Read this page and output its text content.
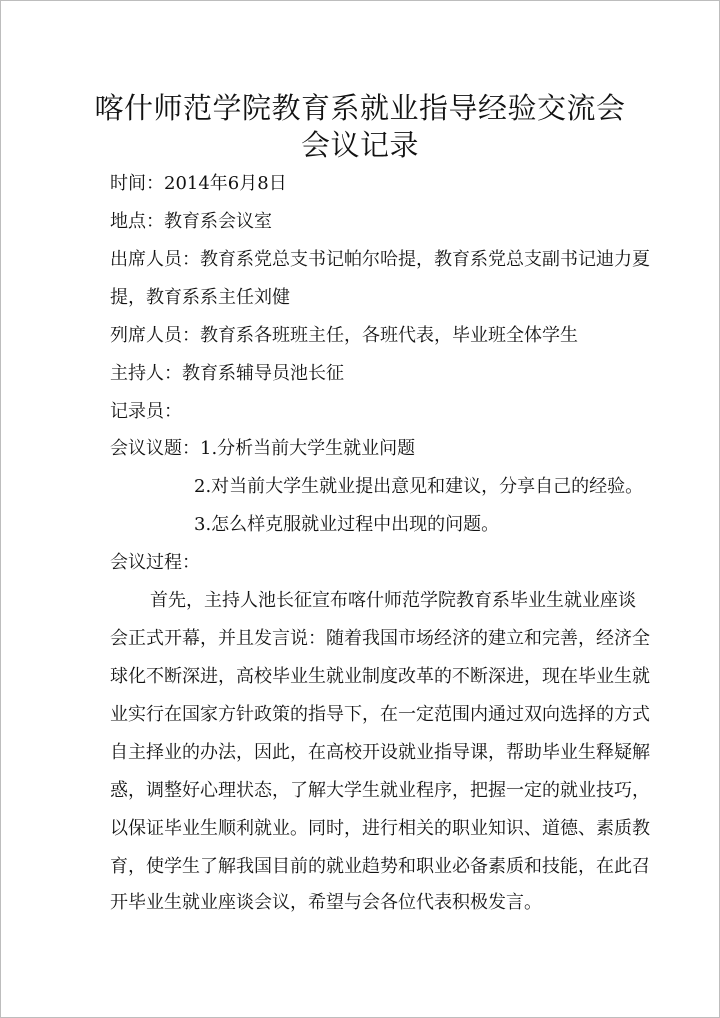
喀什师范学院教育系就业指导经验交流会
会议记录
时间：2014年6月8日
地点：教育系会议室
出席人员：教育系党总支书记帕尔哈提，教育系党总支副书记迪力夏
提，教育系系主任刘健
列席人员：教育系各班班主任，各班代表，毕业班全体学生
主持人：教育系辅导员池长征
记录员：
会议议题：1.分析当前大学生就业问题
2.对当前大学生就业提出意见和建议，分享自己的经验。
3.怎么样克服就业过程中出现的问题。
会议过程：
首先，主持人池长征宣布喀什师范学院教育系毕业生就业座谈
会正式开幕，并且发言说：随着我国市场经济的建立和完善，经济全
球化不断深进，高校毕业生就业制度改革的不断深进，现在毕业生就
业实行在国家方针政策的指导下，在一定范围内通过双向选择的方式
自主择业的办法，因此，在高校开设就业指导课，帮助毕业生释疑解
惑，调整好心理状态，了解大学生就业程序，把握一定的就业技巧，
以保证毕业生顺利就业。同时，进行相关的职业知识、道德、素质教
育，使学生了解我国目前的就业趋势和职业必备素质和技能，在此召
开毕业生就业座谈会议，希望与会各位代表积极发言。
